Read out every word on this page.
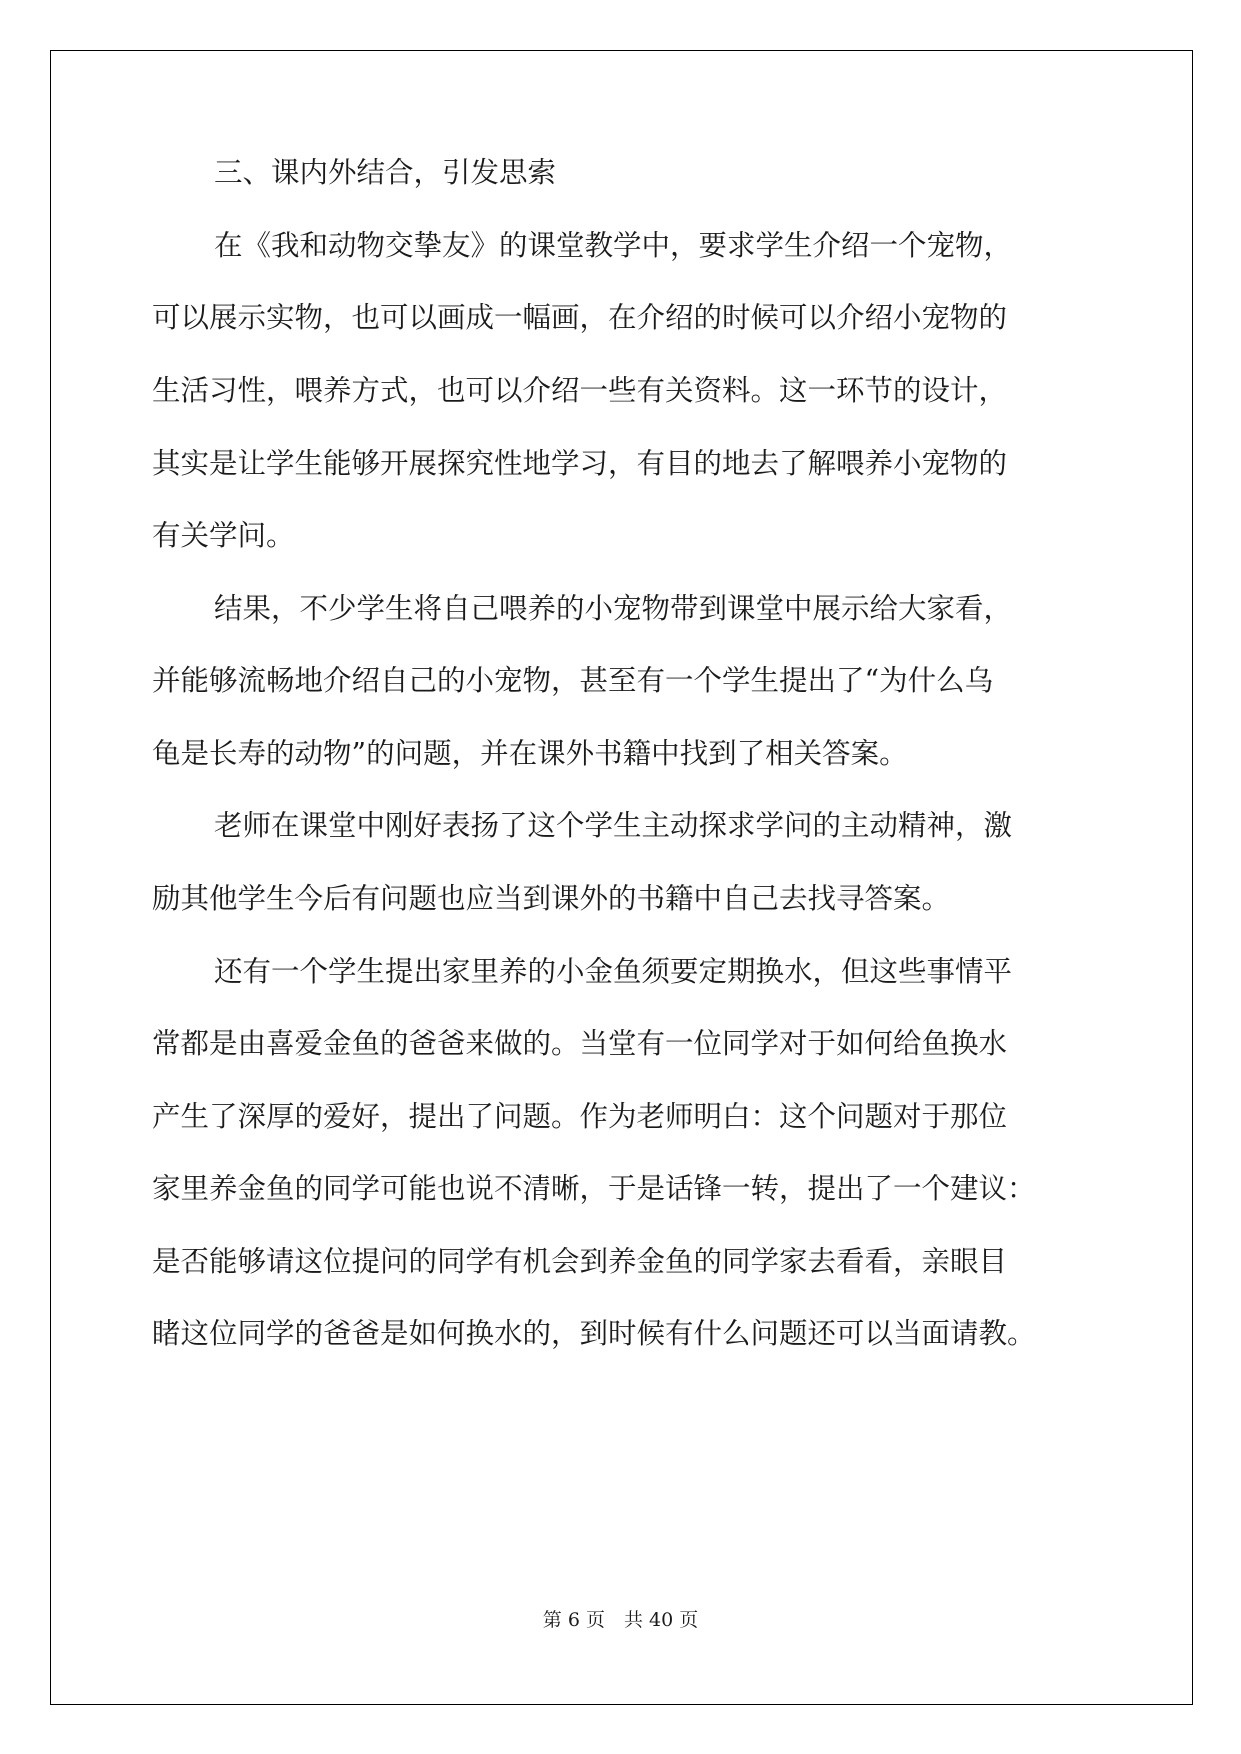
三、课内外结合，引发思索
在《我和动物交挚友》的课堂教学中，要求学生介绍一个宠物，
可以展示实物，也可以画成一幅画，在介绍的时候可以介绍小宠物的
生活习性，喂养方式，也可以介绍一些有关资料。这一环节的设计，
其实是让学生能够开展探究性地学习，有目的地去了解喂养小宠物的
有关学问。
结果，不少学生将自己喂养的小宠物带到课堂中展示给大家看，
并能够流畅地介绍自己的小宠物，甚至有一个学生提出了“为什么乌
龟是长寿的动物”的问题，并在课外书籍中找到了相关答案。
老师在课堂中刚好表扬了这个学生主动探求学问的主动精神，激
励其他学生今后有问题也应当到课外的书籍中自己去找寻答案。
还有一个学生提出家里养的小金鱼须要定期换水，但这些事情平
常都是由喜爱金鱼的爸爸来做的。当堂有一位同学对于如何给鱼换水
产生了深厚的爱好，提出了问题。作为老师明白：这个问题对于那位
家里养金鱼的同学可能也说不清晰，于是话锋一转，提出了一个建议：
是否能够请这位提问的同学有机会到养金鱼的同学家去看看，亲眼目
睹这位同学的爸爸是如何换水的，到时候有什么问题还可以当面请教。
第 6 页　共 40 页
